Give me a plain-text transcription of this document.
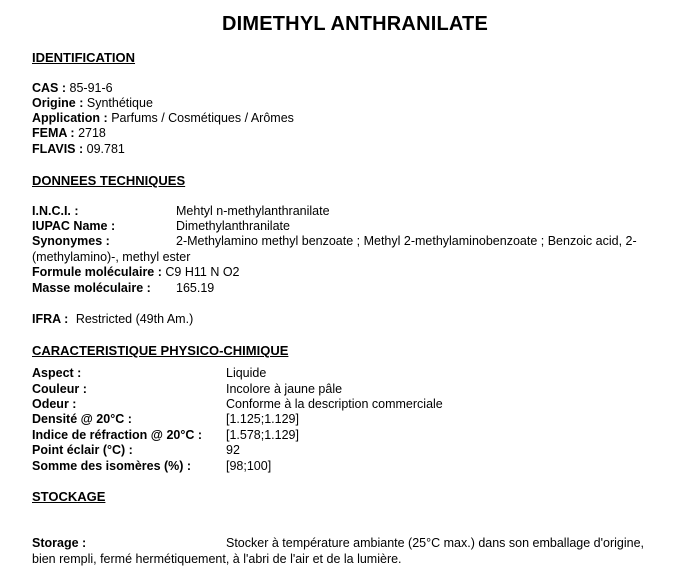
DIMETHYL ANTHRANILATE
IDENTIFICATION
CAS : 85-91-6
Origine : Synthétique
Application : Parfums / Cosmétiques / Arômes
FEMA : 2718
FLAVIS : 09.781
DONNEES TECHNIQUES
I.N.C.I. :	Mehtyl n-methylanthranilate
IUPAC Name :	Dimethylanthranilate
Synonymes :	2-Methylamino methyl benzoate ; Methyl 2-methylaminobenzoate ; Benzoic acid, 2-
(methylamino)-, methyl ester
Formule moléculaire : C9 H11 N O2
Masse moléculaire : 165.19
IFRA : Restricted (49th Am.)
CARACTERISTIQUE PHYSICO-CHIMIQUE
Aspect :	Liquide
Couleur :	Incolore à jaune pâle
Odeur :	Conforme à la description commerciale
Densité @ 20°C :	[1.125;1.129]
Indice de réfraction @ 20°C : [1.578;1.129]
Point éclair (°C) :	92
Somme des isomères (%) :	[98;100]
STOCKAGE
Storage :	Stocker à température ambiante (25°C max.) dans son emballage d'origine,
bien rempli, fermé hermétiquement, à l'abri de l'air et de la lumière.
